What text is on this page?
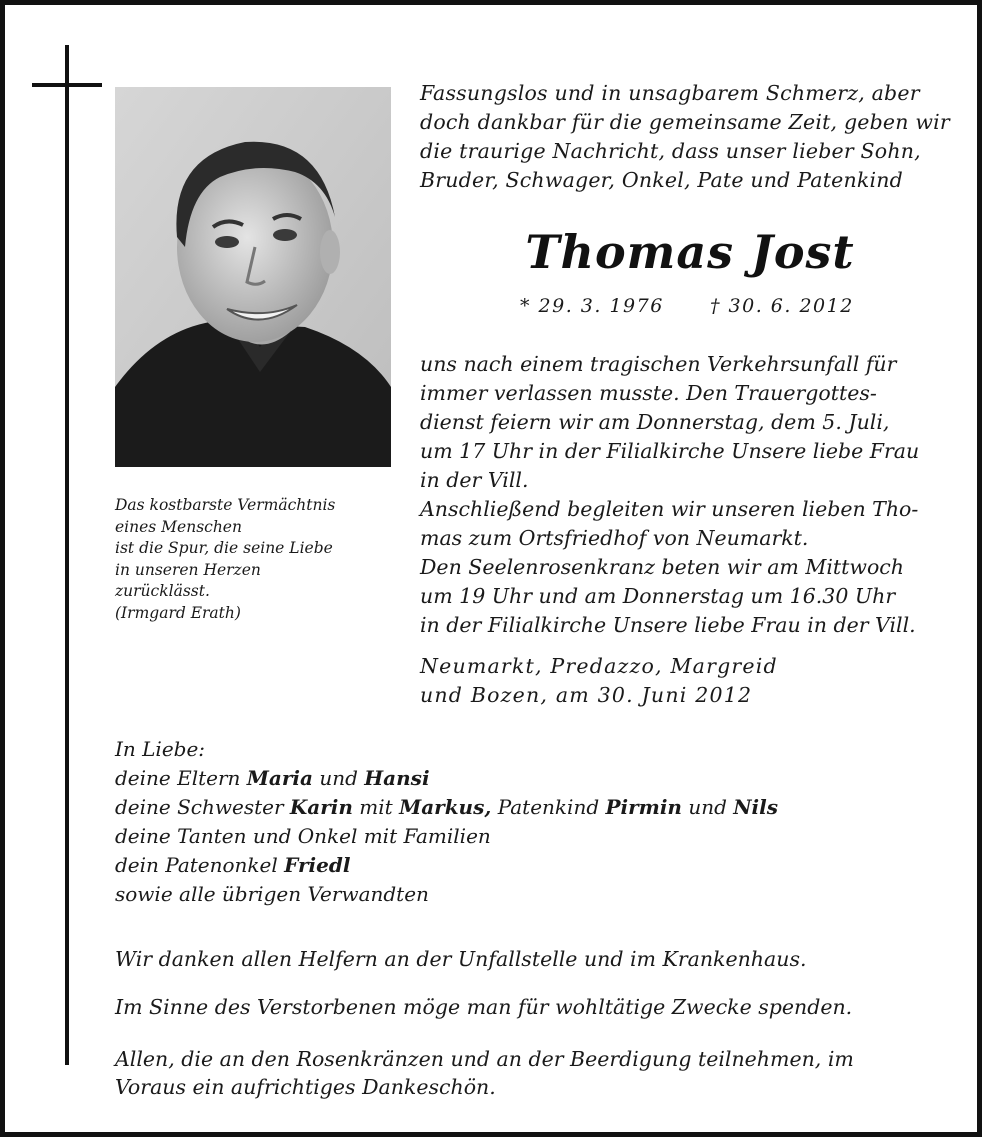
Das kostbarste Vermächtnis
eines Menschen
ist die Spur, die seine Liebe
in unseren Herzen
zurücklässt.
(Irmgard Erath)
Fassungslos und in unsagbarem Schmerz, aber
doch dankbar für die gemeinsame Zeit, geben wir
die traurige Nachricht, dass unser lieber Sohn,
Bruder, Schwager, Onkel, Pate und Patenkind
Thomas Jost
* 29. 3. 1976 † 30. 6. 2012
uns nach einem tragischen Verkehrsunfall für
immer verlassen musste. Den Trauergottes-
dienst feiern wir am Donnerstag, dem 5. Juli,
um 17 Uhr in der Filialkirche Unsere liebe Frau
in der Vill.
Anschließend begleiten wir unseren lieben Tho-
mas zum Ortsfriedhof von Neumarkt.
Den Seelenrosenkranz beten wir am Mittwoch
um 19 Uhr und am Donnerstag um 16.30 Uhr
in der Filialkirche Unsere liebe Frau in der Vill.
Neumarkt, Predazzo, Margreid
und Bozen, am 30. Juni 2012
In Liebe:
deine Eltern Maria und Hansi
deine Schwester Karin mit Markus, Patenkind Pirmin und Nils
deine Tanten und Onkel mit Familien
dein Patenonkel Friedl
sowie alle übrigen Verwandten
Wir danken allen Helfern an der Unfallstelle und im Krankenhaus.
Im Sinne des Verstorbenen möge man für wohltätige Zwecke spenden.
Allen, die an den Rosenkränzen und an der Beerdigung teilnehmen, im
Voraus ein aufrichtiges Dankeschön.
